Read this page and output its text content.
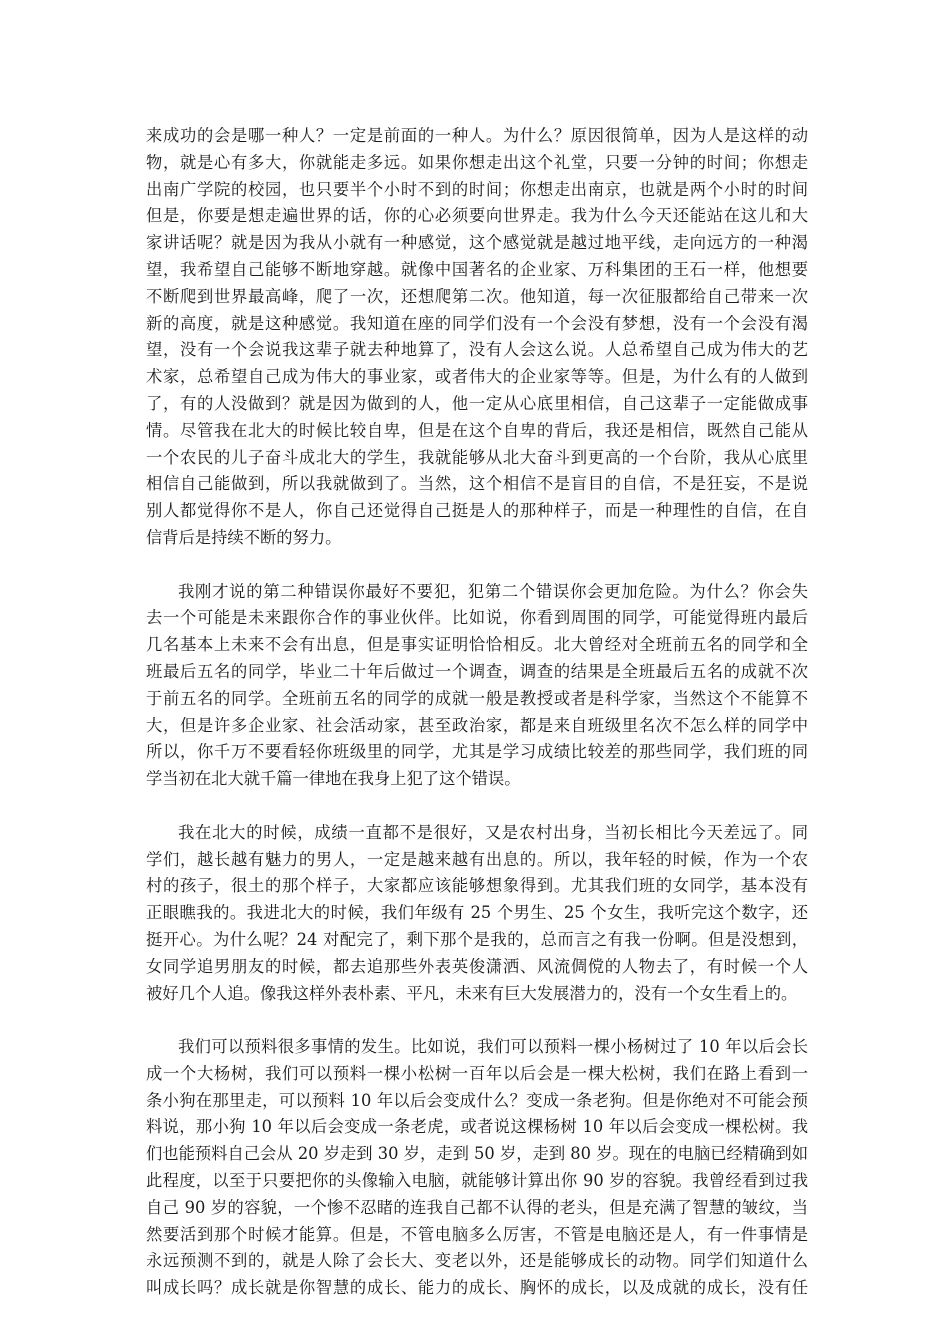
来成功的会是哪一种人？一定是前面的一种人。为什么？原因很简单，因为人是这样的动
物，就是心有多大，你就能走多远。如果你想走出这个礼堂，只要一分钟的时间；你想走
出南广学院的校园，也只要半个小时不到的时间；你想走出南京，也就是两个小时的时间
但是，你要是想走遍世界的话，你的心必须要向世界走。我为什么今天还能站在这儿和大
家讲话呢？就是因为我从小就有一种感觉，这个感觉就是越过地平线，走向远方的一种渴
望，我希望自己能够不断地穿越。就像中国著名的企业家、万科集团的王石一样，他想要
不断爬到世界最高峰，爬了一次，还想爬第二次。他知道，每一次征服都给自己带来一次
新的高度，就是这种感觉。我知道在座的同学们没有一个会没有梦想，没有一个会没有渴
望，没有一个会说我这辈子就去种地算了，没有人会这么说。人总希望自己成为伟大的艺
术家，总希望自己成为伟大的事业家，或者伟大的企业家等等。但是，为什么有的人做到
了，有的人没做到？就是因为做到的人，他一定从心底里相信，自己这辈子一定能做成事
情。尽管我在北大的时候比较自卑，但是在这个自卑的背后，我还是相信，既然自己能从
一个农民的儿子奋斗成北大的学生，我就能够从北大奋斗到更高的一个台阶，我从心底里
相信自己能做到，所以我就做到了。当然，这个相信不是盲目的自信，不是狂妄，不是说
别人都觉得你不是人，你自己还觉得自己挺是人的那种样子，而是一种理性的自信，在自
信背后是持续不断的努力。
我刚才说的第二种错误你最好不要犯，犯第二个错误你会更加危险。为什么？你会失
去一个可能是未来跟你合作的事业伙伴。比如说，你看到周围的同学，可能觉得班内最后
几名基本上未来不会有出息，但是事实证明恰恰相反。北大曾经对全班前五名的同学和全
班最后五名的同学，毕业二十年后做过一个调查，调查的结果是全班最后五名的成就不次
于前五名的同学。全班前五名的同学的成就一般是教授或者是科学家，当然这个不能算不
大，但是许多企业家、社会活动家，甚至政治家，都是来自班级里名次不怎么样的同学中
所以，你千万不要看轻你班级里的同学，尤其是学习成绩比较差的那些同学，我们班的同
学当初在北大就千篇一律地在我身上犯了这个错误。
我在北大的时候，成绩一直都不是很好，又是农村出身，当初长相比今天差远了。同
学们，越长越有魅力的男人，一定是越来越有出息的。所以，我年轻的时候，作为一个农
村的孩子，很土的那个样子，大家都应该能够想象得到。尤其我们班的女同学，基本没有
正眼瞧我的。我进北大的时候，我们年级有 25 个男生、25 个女生，我听完这个数字，还
挺开心。为什么呢？24 对配完了，剩下那个是我的，总而言之有我一份啊。但是没想到，
女同学追男朋友的时候，都去追那些外表英俊潇洒、风流倜傥的人物去了，有时候一个人
被好几个人追。像我这样外表朴素、平凡，未来有巨大发展潜力的，没有一个女生看上的。
我们可以预料很多事情的发生。比如说，我们可以预料一棵小杨树过了 10 年以后会长
成一个大杨树，我们可以预料一棵小松树一百年以后会是一棵大松树，我们在路上看到一
条小狗在那里走，可以预料 10 年以后会变成什么？变成一条老狗。但是你绝对不可能会预
料说，那小狗 10 年以后会变成一条老虎，或者说这棵杨树 10 年以后会变成一棵松树。我
们也能预料自己会从 20 岁走到 30 岁，走到 50 岁，走到 80 岁。现在的电脑已经精确到如
此程度，以至于只要把你的头像输入电脑，就能够计算出你 90 岁的容貌。我曾经看到过我
自己 90 岁的容貌，一个惨不忍睹的连我自己都不认得的老头，但是充满了智慧的皱纹，当
然要活到那个时候才能算。但是，不管电脑多么厉害，不管是电脑还是人，有一件事情是
永远预测不到的，就是人除了会长大、变老以外，还是能够成长的动物。同学们知道什么
叫成长吗？成长就是你智慧的成长、能力的成长、胸怀的成长，以及成就的成长，没有任
